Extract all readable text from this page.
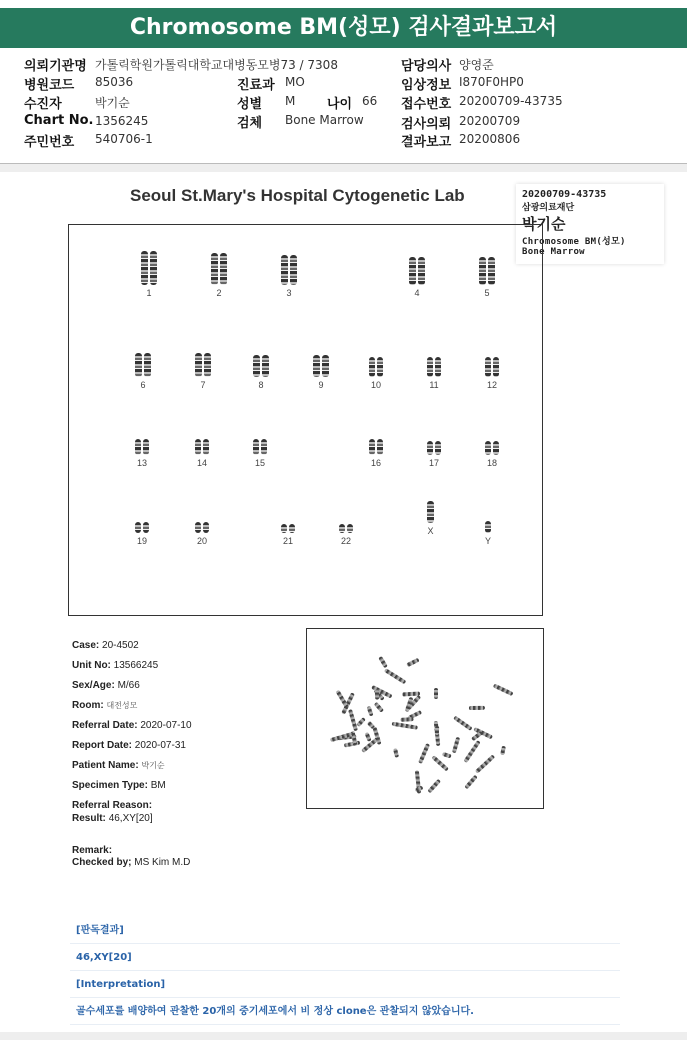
Chromosome BM(성모) 검사결과보고서
의뢰기관명 가톨릭학원가톨릭대학교대병동모병73 / 7308
병원코드 85036
수진자	박기순
Chart No. 1356245
주민번호 540706-1
진료과 MO
성별 M 나이 66
검체 Bone Marrow
담당의사 양영준
임상정보 I870F0HP0
접수번호 20200709-43735
검사의뢰 20200709
결과보고 20200806
Seoul St.Mary's Hospital Cytogenetic Lab	20200709-43735
삼광의료재단
박기순
Chromosome BM(성모)
Bone Marrow
1	2	3	4	5
6	7	8	9	10	11	12
13	14	15	16	17	18
19	20	21	22
X
Y
Case: 20-4502
Unit No: 13566245
Sex/Age: M/66
Room: 대전성모
Referral Date: 2020-07-10
Report Date: 2020-07-31
Patient Name: 박기순
Specimen Type: BM
Referral Reason:
Result: 46,XY[20]
Remark:
Checked by; MS Kim M.D
[판독결과]
46,XY[20]
[Interpretation]
골수세포를 배양하여 관찰한 20개의 중기세포에서 비 정상 clone은 관찰되지 않았습니다.
